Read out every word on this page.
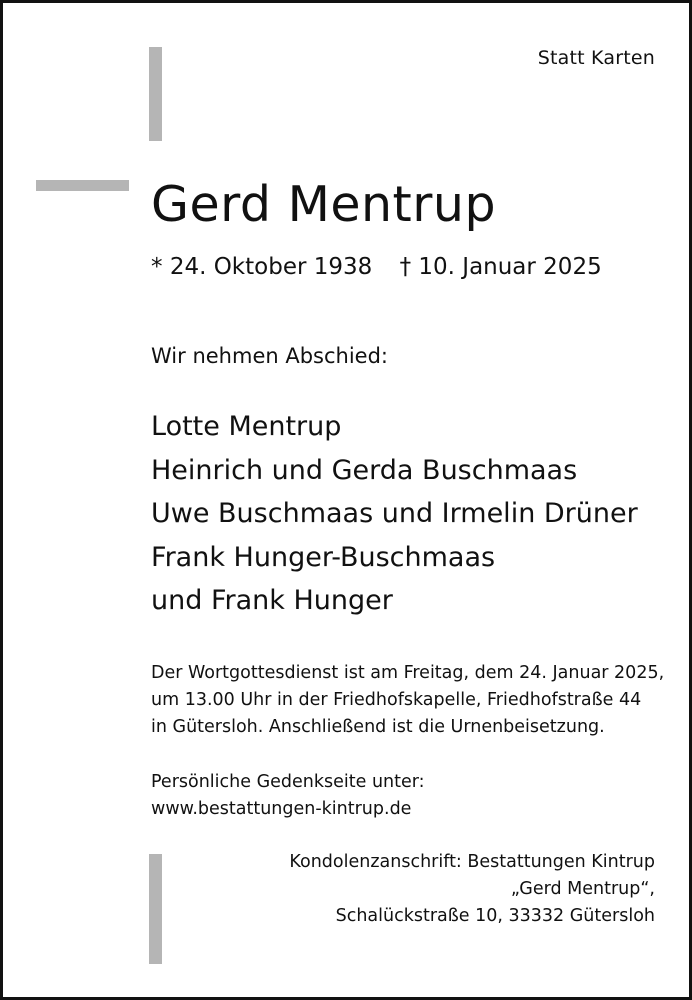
Statt Karten
Gerd Mentrup
* 24. Oktober 1938 † 10. Januar 2025
Wir nehmen Abschied:
Lotte Mentrup
Heinrich und Gerda Buschmaas
Uwe Buschmaas und Irmelin Drüner
Frank Hunger-Buschmaas
und Frank Hunger
Der Wortgottesdienst ist am Freitag, dem 24. Januar 2025,
um 13.00 Uhr in der Friedhofskapelle, Friedhofstraße 44
in Gütersloh. Anschließend ist die Urnenbeisetzung.
Persönliche Gedenkseite unter:
www.bestattungen-kintrup.de
Kondolenzanschrift: Bestattungen Kintrup
„Gerd Mentrup“,
Schalückstraße 10, 33332 Gütersloh
